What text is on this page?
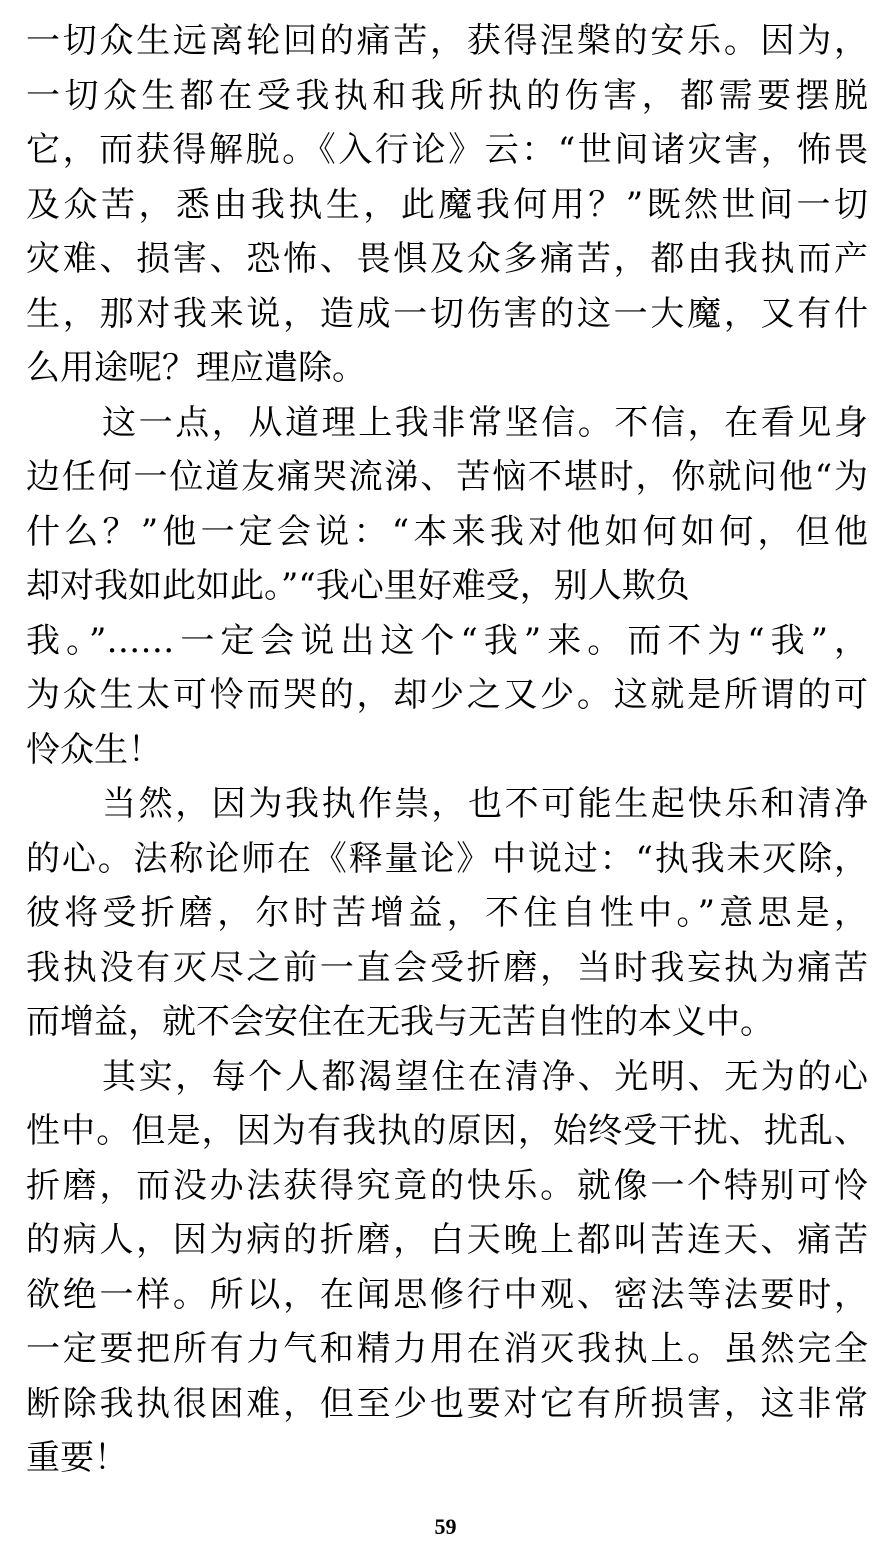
一切众生远离轮回的痛苦，获得涅槃的安乐。因为，
一切众生都在受我执和我所执的伤害，都需要摆脱
它，而获得解脱。《入行论》云：“世间诸灾害，怖畏
及众苦，悉由我执生，此魔我何用？”既然世间一切
灾难、损害、恐怖、畏惧及众多痛苦，都由我执而产
生，那对我来说，造成一切伤害的这一大魔，又有什
么用途呢？理应遣除。
这一点，从道理上我非常坚信。不信，在看见身
边任何一位道友痛哭流涕、苦恼不堪时，你就问他“为
什么？”他一定会说：“本来我对他如何如何，但他
却对我如此如此。”“我心里好难受，别人欺负
我。”……一定会说出这个“我”来。而不为“我”，
为众生太可怜而哭的，却少之又少。这就是所谓的可
怜众生！
当然，因为我执作祟，也不可能生起快乐和清净
的心。法称论师在《释量论》中说过：“执我未灭除，
彼将受折磨，尔时苦增益，不住自性中。”意思是，
我执没有灭尽之前一直会受折磨，当时我妄执为痛苦
而增益，就不会安住在无我与无苦自性的本义中。
其实，每个人都渴望住在清净、光明、无为的心
性中。但是，因为有我执的原因，始终受干扰、扰乱、
折磨，而没办法获得究竟的快乐。就像一个特别可怜
的病人，因为病的折磨，白天晚上都叫苦连天、痛苦
欲绝一样。所以，在闻思修行中观、密法等法要时，
一定要把所有力气和精力用在消灭我执上。虽然完全
断除我执很困难，但至少也要对它有所损害，这非常
重要！
59
